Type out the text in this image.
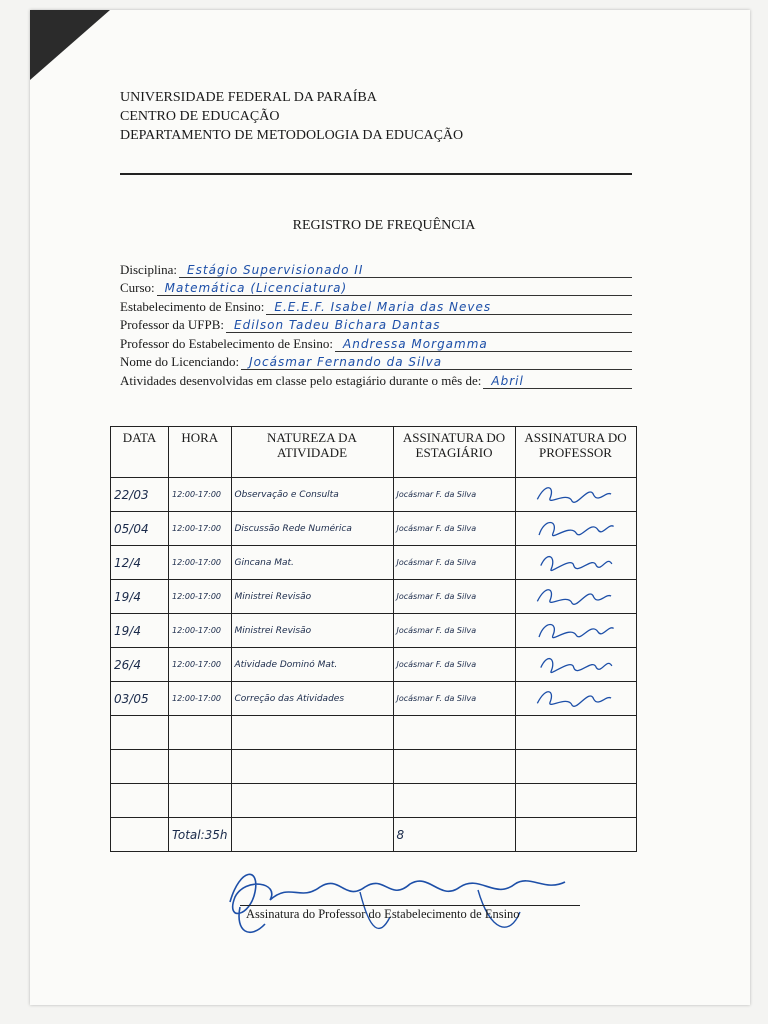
UNIVERSIDADE FEDERAL DA PARAÍBA
CENTRO DE EDUCAÇÃO
DEPARTAMENTO DE METODOLOGIA DA EDUCAÇÃO
REGISTRO DE FREQUÊNCIA
Disciplina: Estágio Supervisionado II
Curso: Matemática (Licenciatura)
Estabelecimento de Ensino: E.E.E.F. Isabel Maria das Neves
Professor da UFPB: Edilson Tadeu Bichara Dantas
Professor do Estabelecimento de Ensino: Andressa Morgamma
Nome do Licenciando: Jocásmar Fernando da Silva
Atividades desenvolvidas em classe pelo estagiário durante o mês de: Abril
DATA	HORA	NATUREZA DA ATIVIDADE	ASSINATURA DO ESTAGIÁRIO	ASSINATURA DO PROFESSOR

22/03	12:00-17:00	Observação e Consulta	Jocásmar F. da Silva

05/04	12:00-17:00	Discussão Rede Numérica	Jocásmar F. da Silva

12/4	12:00-17:00	Gincana Mat.	Jocásmar F. da Silva

19/4	12:00-17:00	Ministrei Revisão	Jocásmar F. da Silva

19/4	12:00-17:00	Ministrei Revisão	Jocásmar F. da Silva

26/4	12:00-17:00	Atividade Dominó Mat.	Jocásmar F. da Silva

03/05	12:00-17:00	Correção das Atividades	Jocásmar F. da Silva

	Total:35h		8	

Assinatura do Professor do Estabelecimento de Ensino
